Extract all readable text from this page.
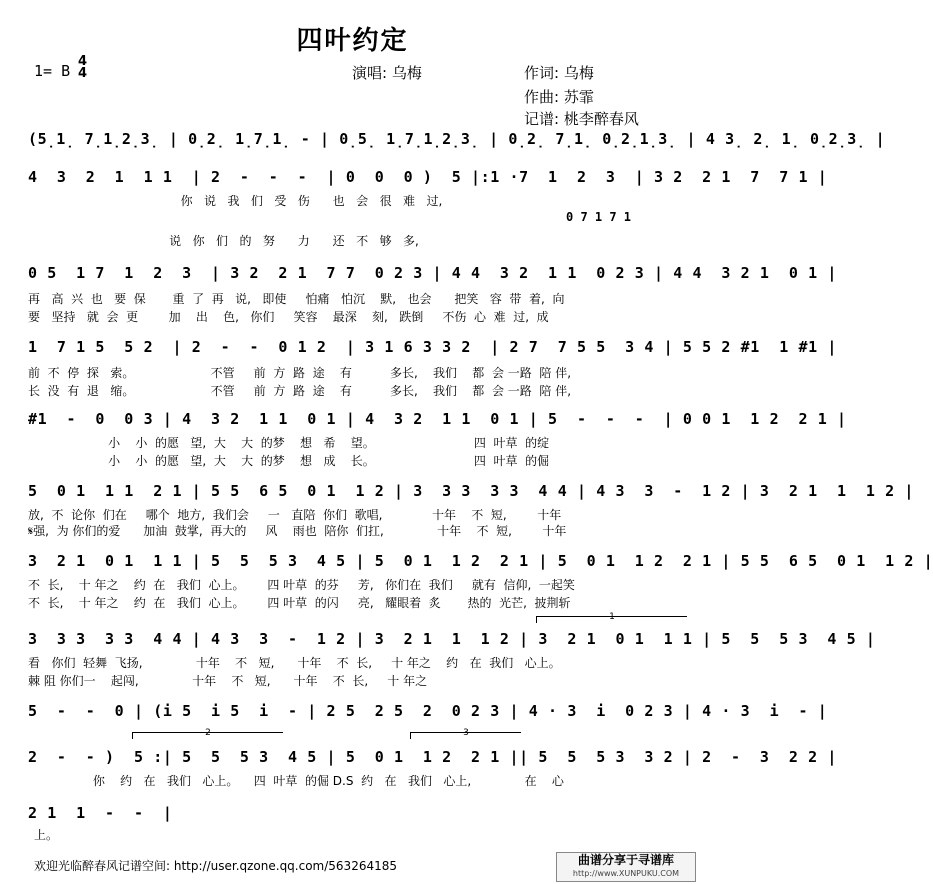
四叶约定
1= B
4
4	演唱: 乌梅	作词: 乌梅
作曲: 苏霏
记谱: 桃李醉春风
(5̣1̣ 7̣1̣2̣3̣ | 0̣2̣ 1̣7̣1̣ - | 0̣5̣ 1̣7̣1̣2̣3̣ | 0̣2̣ 7̣1̣ 0̣2̣1̣3̣ | 4 3̣ 2̣ 1̣ 0̣2̣3̣ |
4  3  2  1  1 1  | 2  -  -  -  | 0  0  0 )  5 |:1 ·7  1  2  3  | 3 2  2 1  7  7 1 |
你   说   我   们   受   伤      也   会   很   难   过,
0 7 1 7 1
说   你   们   的   努      力      还   不   够   多,
0 5  1 7  1  2  3  | 3 2  2 1  7 7  0 2 3 | 4 4  3 2  1 1  0 2 3 | 4 4  3 2 1  0 1 |
再   高  兴  也   要  保       重  了  再   说,   即使     怕痛   怕沉    默,   也会      把笑   容  带  着,  向
要   坚持   就  会  更        加    出    色,   你们     笑容    最深    刻,   跌倒     不伤  心  难  过,  成
1  7 1 5  5 2  | 2  -  -  0 1 2  | 3 1 6 3 3 2  | 2 7  7 5 5  3 4 | 5 5 2 #1  1 #1 |
前  不  停  探   索。                    不管     前  方  路  途    有          多长,    我们    都  会 一路  陪 伴,
长  没  有  退   缩。                    不管     前  方  路  途    有          多长,    我们    都  会 一路  陪 伴,
#1  -  0  0 3 | 4  3 2  1 1  0 1 | 4  3 2  1 1  0 1 | 5  -  -  -  | 0 0 1  1 2  2 1 |
小    小  的愿   望,  大    大  的梦    想   希    望。                          四  叶草  的绽
小    小  的愿   望,  大    大  的梦    想   成    长。                          四  叶草  的倔
5  0 1  1 1  2 1 | 5 5  6 5  0 1  1 2 | 3  3 3  3 3  4 4 | 4 3  3  -  1 2 | 3  2 1  1  1 2 |
放,  不  论你  们在     哪个  地方,  我们会     一   直陪  你们  歌唱,             十年    不  短,        十年
𝄋强,  为 你们的爱      加油  鼓掌,  再大的     风    雨也  陪你  们扛,              十年    不  短,        十年
3  2 1  0 1  1 1 | 5  5  5 3  4 5 | 5  0 1  1 2  2 1 | 5  0 1  1 2  2 1 | 5 5  6 5  0 1  1 2 |
不  长,    十 年之    约  在   我们  心上。      四 叶草  的芬     芳,   你们在  我们     就有  信仰,  一起笑
不  长,    十 年之    约  在   我们  心上。      四 叶草  的闪     亮,   耀眼着  炙       热的  光芒,  披荆斩
1
3  3 3  3 3  4 4 | 4 3  3  -  1 2 | 3  2 1  1  1 2 | 3  2 1  0 1  1 1 | 5  5  5 3  4 5 |
看   你们  轻舞  飞扬,              十年    不   短,      十年    不  长,     十 年之    约   在  我们   心上。
棘 阻 你们一    起闯,              十年    不   短,      十年    不  长,     十 年之
5  -  -  0 | (i 5  i 5  i  - | 2 5  2 5  2  0 2 3 | 4 · 3  i  0 2 3 | 4 · 3  i  - |
2	3
2  -  - )  5 :| 5  5  5 3  4 5 | 5  0 1  1 2  2 1 || 5  5  5 3  3 2 | 2  -  3  2 2 |
你    约   在   我们   心上。    四  叶草  的倔 D.S  约   在   我们   心上,              在    心
2 1  1  -  -  |
上。
欢迎光临醉春风记谱空间: http://user.qzone.qq.com/563264185	曲谱分享于寻谱库
http://www.XUNPUKU.COM
